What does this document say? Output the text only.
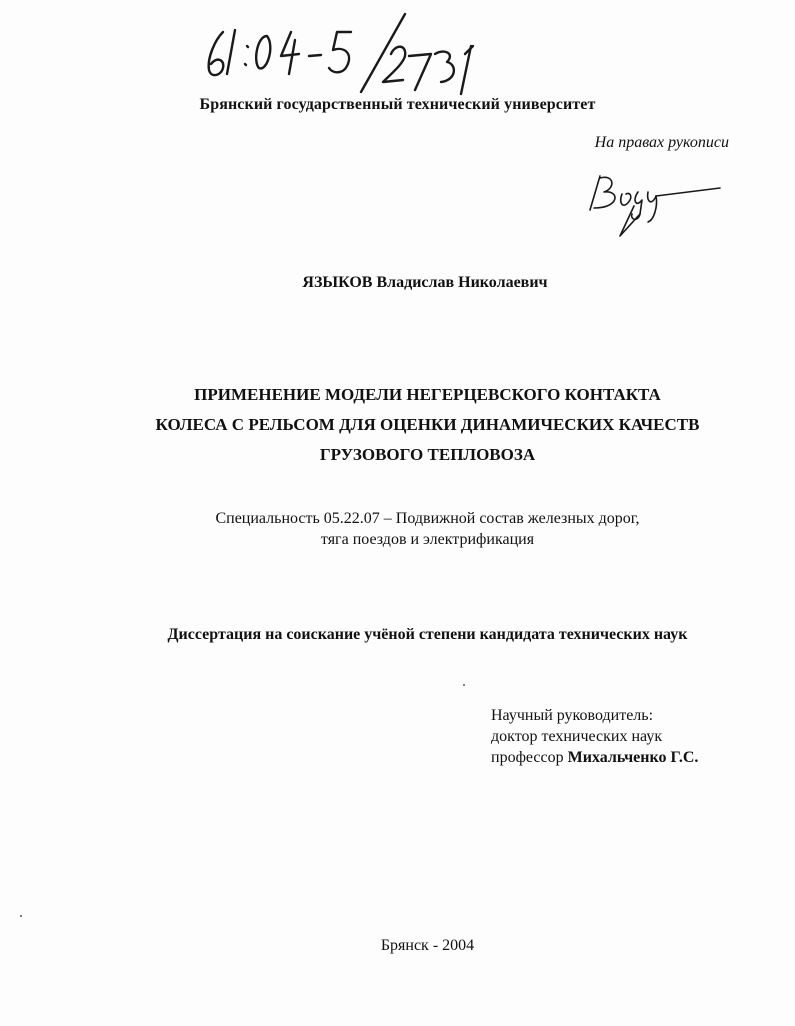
Брянский государственный технический университет
На правах рукописи
ЯЗЫКОВ Владислав Николаевич
ПРИМЕНЕНИЕ МОДЕЛИ НЕГЕРЦЕВСКОГО КОНТАКТА
КОЛЕСА С РЕЛЬСОМ ДЛЯ ОЦЕНКИ ДИНАМИЧЕСКИХ КАЧЕСТВ
ГРУЗОВОГО ТЕПЛОВОЗА
Специальность 05.22.07 – Подвижной состав железных дорог,
тяга поездов и электрификация
Диссертация на соискание учёной степени кандидата технических наук
Научный руководитель:
доктор технических наук
профессор Михальченко Г.С.
Брянск - 2004
